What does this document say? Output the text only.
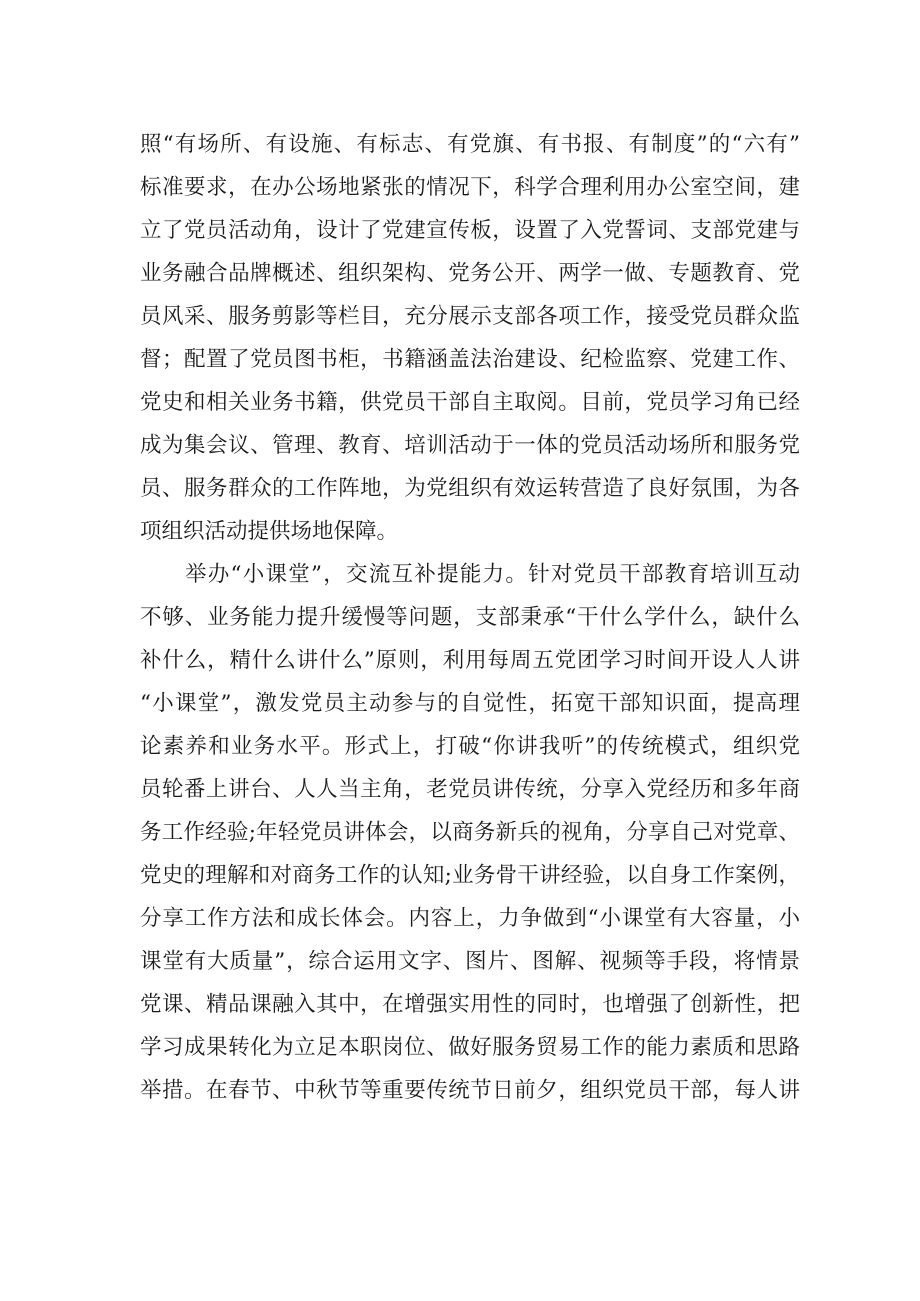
照“有场所、有设施、有标志、有党旗、有书报、有制度”的“六有”
标准要求，在办公场地紧张的情况下，科学合理利用办公室空间，建
立了党员活动角，设计了党建宣传板，设置了入党誓词、支部党建与
业务融合品牌概述、组织架构、党务公开、两学一做、专题教育、党
员风采、服务剪影等栏目，充分展示支部各项工作，接受党员群众监
督；配置了党员图书柜，书籍涵盖法治建设、纪检监察、党建工作、
党史和相关业务书籍，供党员干部自主取阅。目前，党员学习角已经
成为集会议、管理、教育、培训活动于一体的党员活动场所和服务党
员、服务群众的工作阵地，为党组织有效运转营造了良好氛围，为各
项组织活动提供场地保障。
举办“小课堂”，交流互补提能力。针对党员干部教育培训互动
不够、业务能力提升缓慢等问题，支部秉承“干什么学什么，缺什么
补什么，精什么讲什么”原则，利用每周五党团学习时间开设人人讲
“小课堂”，激发党员主动参与的自觉性，拓宽干部知识面，提高理
论素养和业务水平。形式上，打破“你讲我听”的传统模式，组织党
员轮番上讲台、人人当主角，老党员讲传统，分享入党经历和多年商
务工作经验;年轻党员讲体会，以商务新兵的视角，分享自己对党章、
党史的理解和对商务工作的认知;业务骨干讲经验，以自身工作案例，
分享工作方法和成长体会。内容上，力争做到“小课堂有大容量，小
课堂有大质量”，综合运用文字、图片、图解、视频等手段，将情景
党课、精品课融入其中，在增强实用性的同时，也增强了创新性，把
学习成果转化为立足本职岗位、做好服务贸易工作的能力素质和思路
举措。在春节、中秋节等重要传统节日前夕，组织党员干部，每人讲
